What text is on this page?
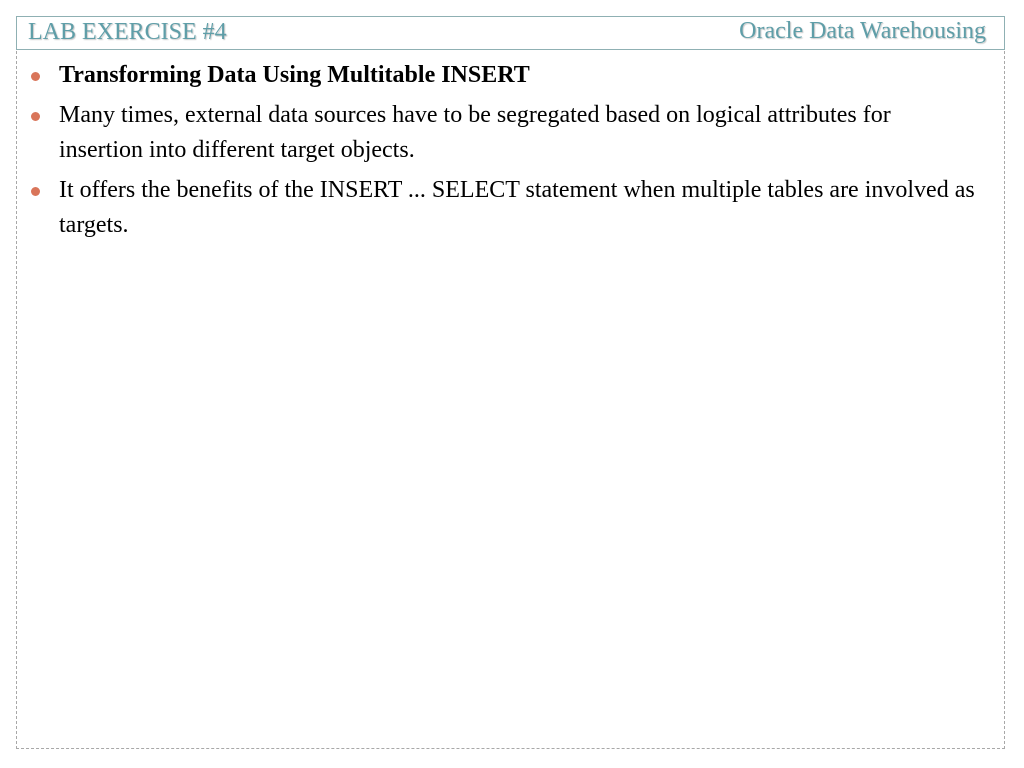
LAB EXERCISE #4	Oracle Data Warehousing
Transforming Data Using Multitable INSERT
Many times, external data sources have to be segregated based on logical attributes for insertion into different target objects.
It offers the benefits of the INSERT ... SELECT statement when multiple tables are involved as targets.
